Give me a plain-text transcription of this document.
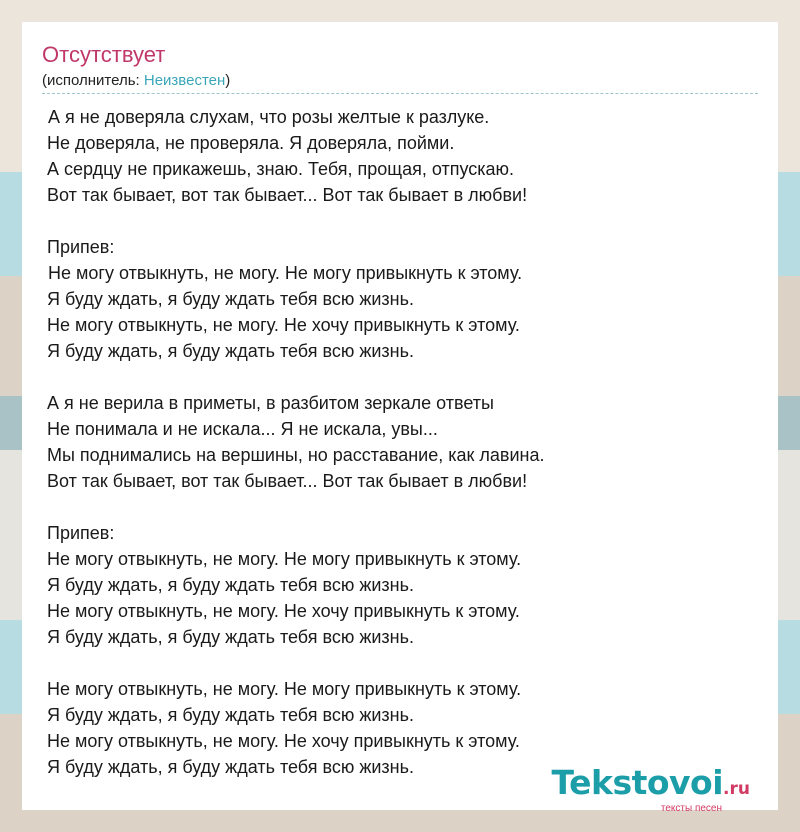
Отсутствует
(исполнитель: Неизвестен)
А я не доверяла слухам, что розы желтые к разлуке.
Не доверяла, не проверяла. Я доверяла, пойми.
А сердцу не прикажешь, знаю. Тебя, прощая, отпускаю.
Вот так бывает, вот так бывает... Вот так бывает в любви!
Припев:
Не могу отвыкнуть, не могу. Не могу привыкнуть к этому.
Я буду ждать, я буду ждать тебя всю жизнь.
Не могу отвыкнуть, не могу. Не хочу привыкнуть к этому.
Я буду ждать, я буду ждать тебя всю жизнь.
А я не верила в приметы, в разбитом зеркале ответы
Не понимала и не искала... Я не искала, увы...
Мы поднимались на вершины, но расставание, как лавина.
Вот так бывает, вот так бывает... Вот так бывает в любви!
Припев:
Не могу отвыкнуть, не могу. Не могу привыкнуть к этому.
Я буду ждать, я буду ждать тебя всю жизнь.
Не могу отвыкнуть, не могу. Не хочу привыкнуть к этому.
Я буду ждать, я буду ждать тебя всю жизнь.
Не могу отвыкнуть, не могу. Не могу привыкнуть к этому.
Я буду ждать, я буду ждать тебя всю жизнь.
Не могу отвыкнуть, не могу. Не хочу привыкнуть к этому.
Я буду ждать, я буду ждать тебя всю жизнь.	Tekstovoi.ru
тексты песен
